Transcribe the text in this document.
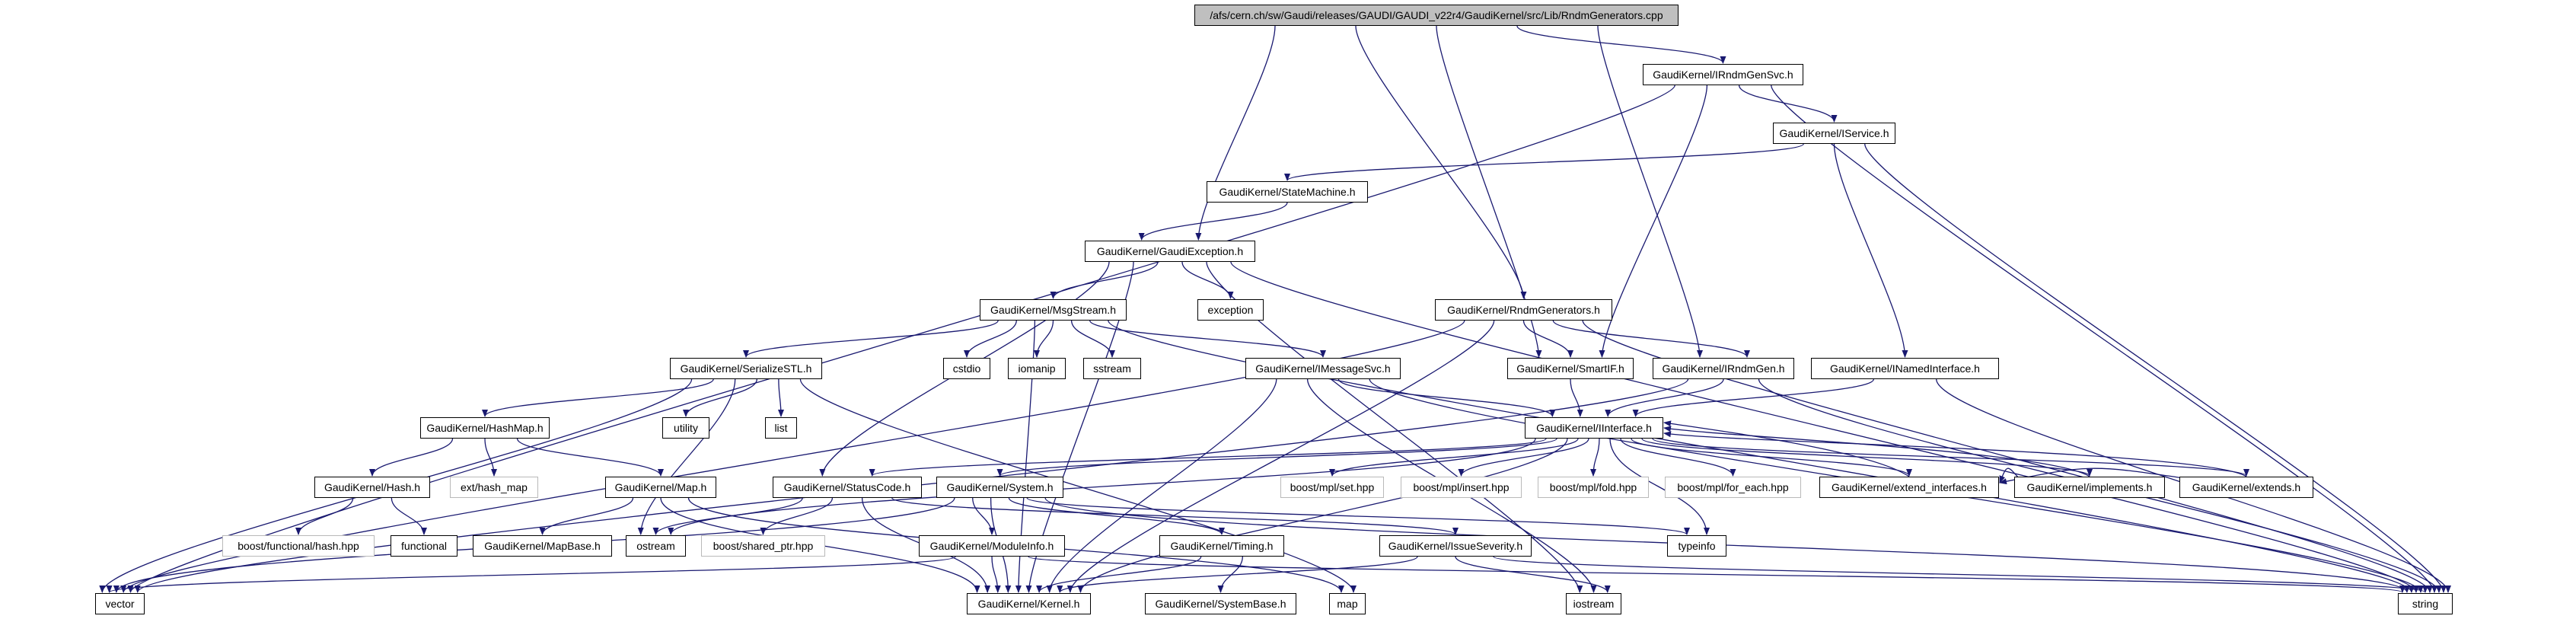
/afs/cern.ch/sw/Gaudi/releases/GAUDI/GAUDI_v22r4/GaudiKernel/src/Lib/RndmGenerators.cpp
GaudiKernel/IRndmGenSvc.h
GaudiKernel/IService.h
GaudiKernel/StateMachine.h
GaudiKernel/GaudiException.h
GaudiKernel/MsgStream.h	exception	GaudiKernel/RndmGenerators.h
GaudiKernel/SerializeSTL.h	cstdio	iomanip	sstream	GaudiKernel/IMessageSvc.h	GaudiKernel/SmartIF.h	GaudiKernel/IRndmGen.h	GaudiKernel/INamedInterface.h
GaudiKernel/HashMap.h	utility	list	GaudiKernel/IInterface.h
GaudiKernel/Hash.h	ext/hash_map	GaudiKernel/Map.h	GaudiKernel/StatusCode.h	GaudiKernel/System.h	boost/mpl/set.hpp	boost/mpl/insert.hpp	boost/mpl/fold.hpp	boost/mpl/for_each.hpp	GaudiKernel/extend_interfaces.h	GaudiKernel/implements.h	GaudiKernel/extends.h
boost/functional/hash.hpp	functional	GaudiKernel/MapBase.h	ostream	boost/shared_ptr.hpp	GaudiKernel/ModuleInfo.h	GaudiKernel/Timing.h	GaudiKernel/IssueSeverity.h	typeinfo
vector	GaudiKernel/Kernel.h	GaudiKernel/SystemBase.h	map	iostream	string
